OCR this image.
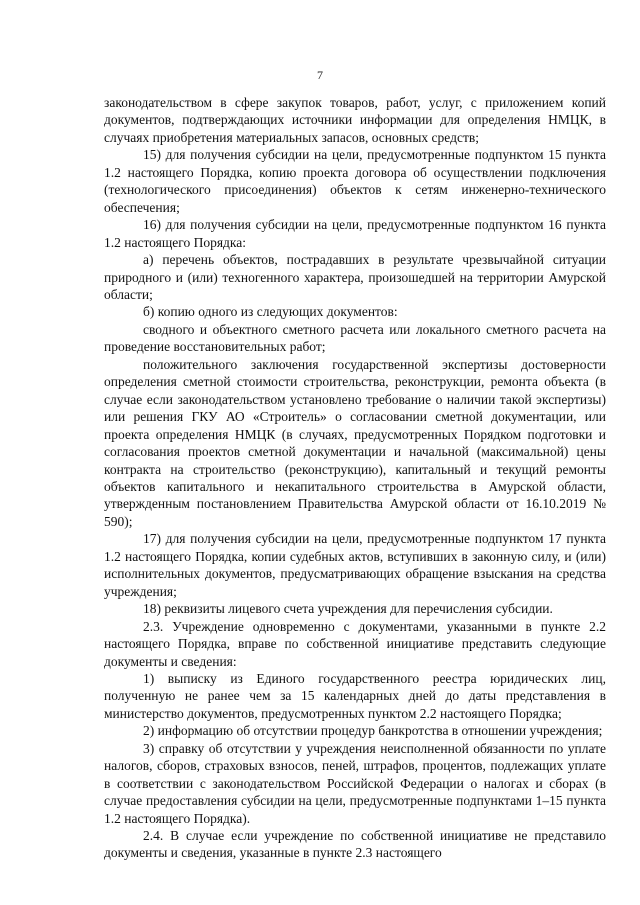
7

законодательством в сфере закупок товаров, работ, услуг, с приложением копий документов, подтверждающих источники информации для определения НМЦК, в случаях приобретения материальных запасов, основных средств;

15) для получения субсидии на цели, предусмотренные подпунктом 15 пункта 1.2 настоящего Порядка, копию проекта договора об осуществлении подключения (технологического присоединения) объектов к сетям инженерно-технического обеспечения;

16) для получения субсидии на цели, предусмотренные подпунктом 16 пункта 1.2 настоящего Порядка:

а) перечень объектов, пострадавших в результате чрезвычайной ситуации природного и (или) техногенного характера, произошедшей на территории Амурской области;

б) копию одного из следующих документов:

сводного и объектного сметного расчета или локального сметного расчета на проведение восстановительных работ;

положительного заключения государственной экспертизы достоверности определения сметной стоимости строительства, реконструкции, ремонта объекта (в случае если законодательством установлено требование о наличии такой экспертизы) или решения ГКУ АО «Строитель» о согласовании сметной документации, или проекта определения НМЦК (в случаях, предусмотренных Порядком подготовки и согласования проектов сметной документации и начальной (максимальной) цены контракта на строительство (реконструкцию), капитальный и текущий ремонты объектов капитального и некапитального строительства в Амурской области, утвержденным постановлением Правительства Амурской области от 16.10.2019 № 590);

17) для получения субсидии на цели, предусмотренные подпунктом 17 пункта 1.2 настоящего Порядка, копии судебных актов, вступивших в законную силу, и (или) исполнительных документов, предусматривающих обращение взыскания на средства учреждения;

18) реквизиты лицевого счета учреждения для перечисления субсидии.

2.3. Учреждение одновременно с документами, указанными в пункте 2.2 настоящего Порядка, вправе по собственной инициативе представить следующие документы и сведения:

1) выписку из Единого государственного реестра юридических лиц, полученную не ранее чем за 15 календарных дней до даты представления в министерство документов, предусмотренных пунктом 2.2 настоящего Порядка;

2) информацию об отсутствии процедур банкротства в отношении учреждения;

3) справку об отсутствии у учреждения неисполненной обязанности по уплате налогов, сборов, страховых взносов, пеней, штрафов, процентов, подлежащих уплате в соответствии с законодательством Российской Федерации о налогах и сборах (в случае предоставления субсидии на цели, предусмотренные подпунктами 1–15 пункта 1.2 настоящего Порядка).

2.4. В случае если учреждение по собственной инициативе не представило документы и сведения, указанные в пункте 2.3 настоящего
